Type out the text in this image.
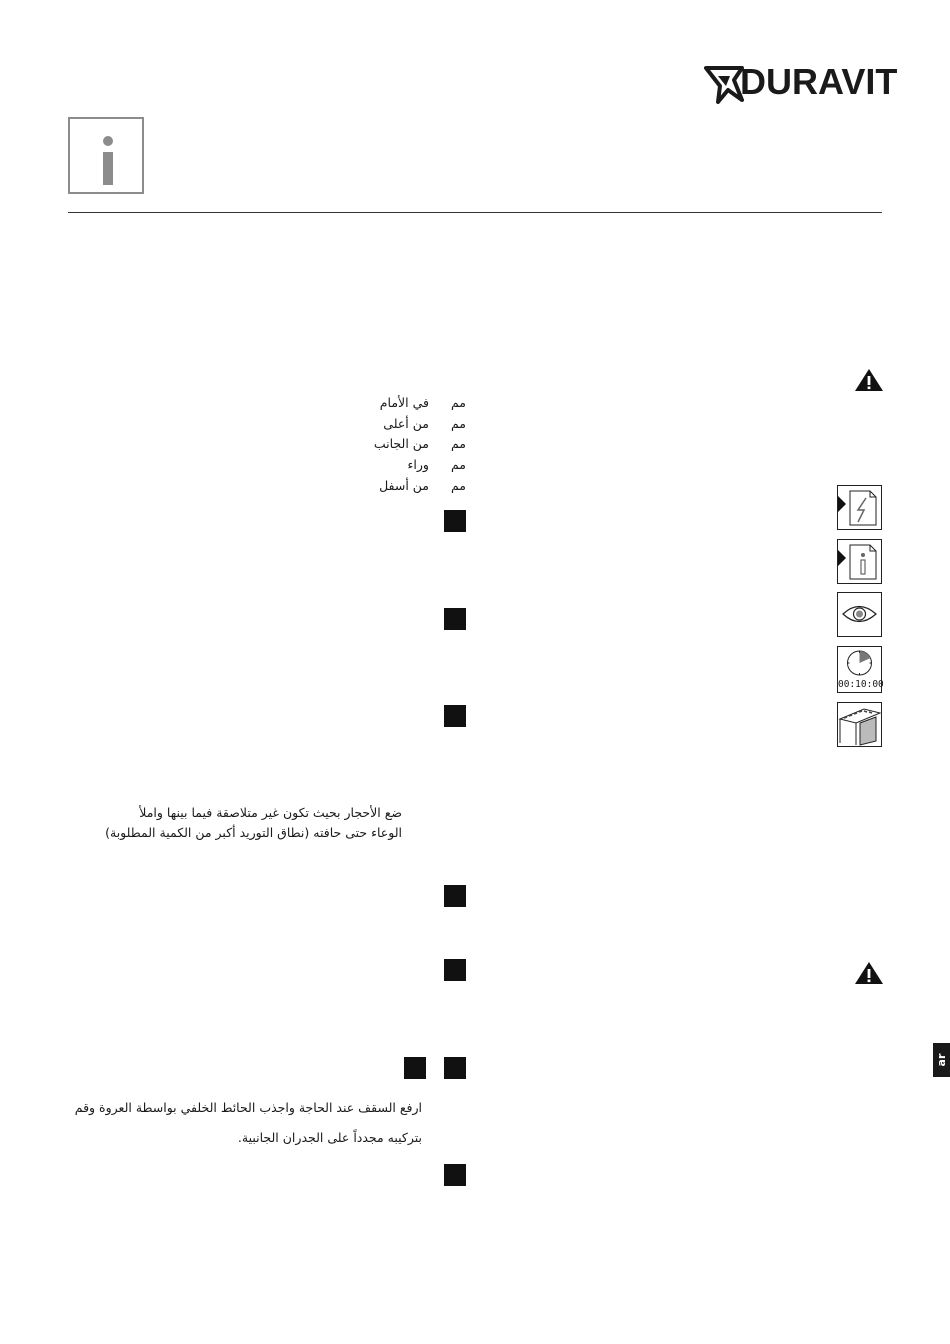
DURAVIT
في الأمام مم
من أعلى مم
من الجانب مم
وراء مم
من أسفل مم
ضع الأحجار بحيث تكون غير متلاصقة فيما بينها واملأ
الوعاء حتى حافته (نطاق التوريد أكبر من الكمية المطلوبة)
ارفع السقف عند الحاجة واجذب الحائط الخلفي بواسطة العروة وقم
بتركيبه مجدداً على الجدران الجانبية.
00:10:00
ar
